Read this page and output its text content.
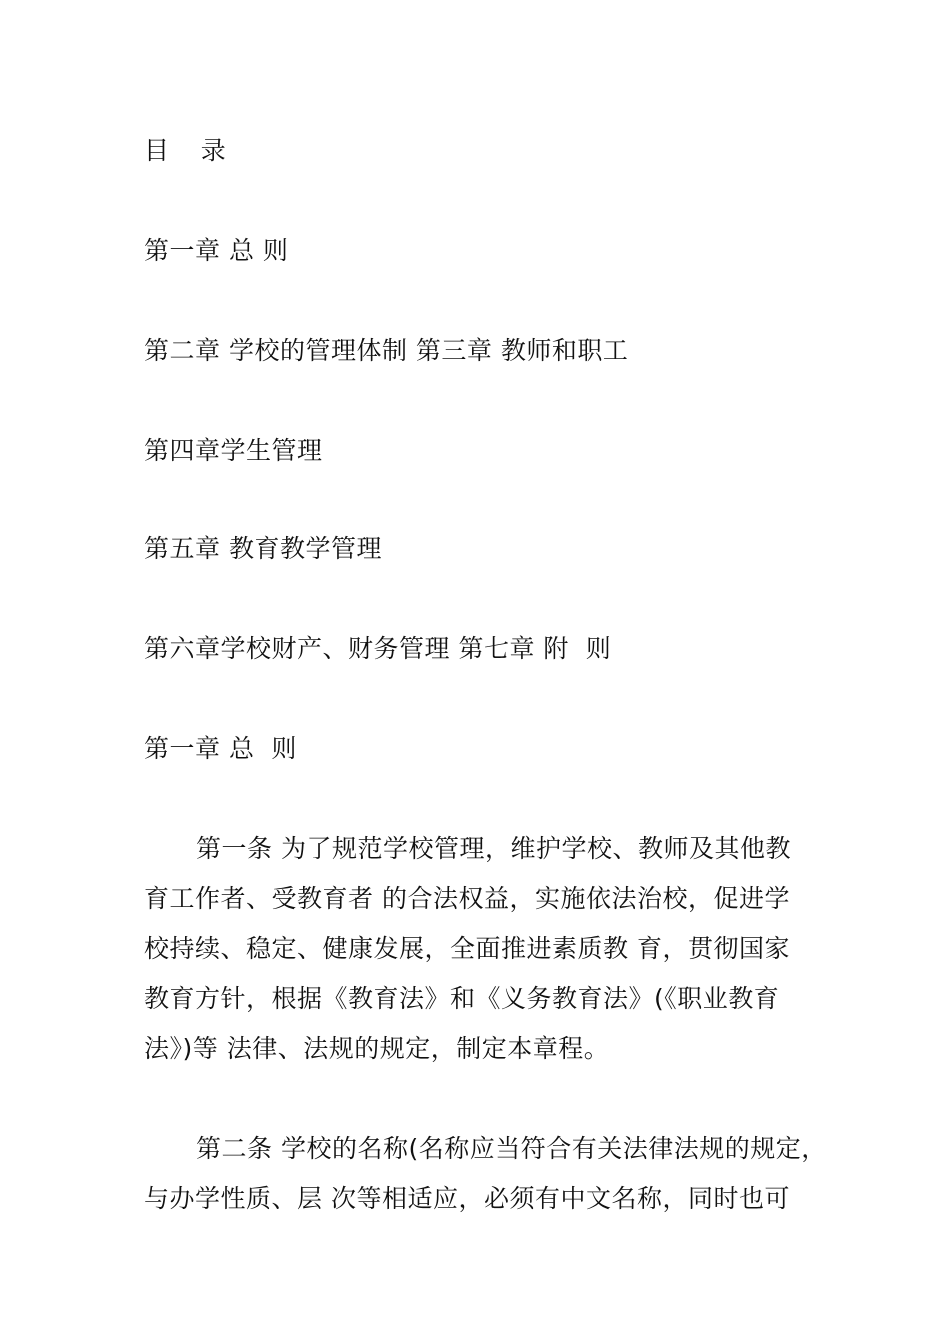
目    录
第一章 总 则
第二章 学校的管理体制 第三章 教师和职工
第四章学生管理
第五章 教育教学管理
第六章学校财产、财务管理 第七章 附  则
第一章 总  则
第一条 为了规范学校管理，维护学校、教师及其他教
育工作者、受教育者 的合法权益，实施依法治校，促进学
校持续、稳定、健康发展，全面推进素质教 育，贯彻国家
教育方针，根据《教育法》和《义务教育法》(《职业教育
法》)等 法律、法规的规定，制定本章程。
第二条 学校的名称(名称应当符合有关法律法规的规定，
与办学性质、层 次等相适应，必须有中文名称，同时也可
